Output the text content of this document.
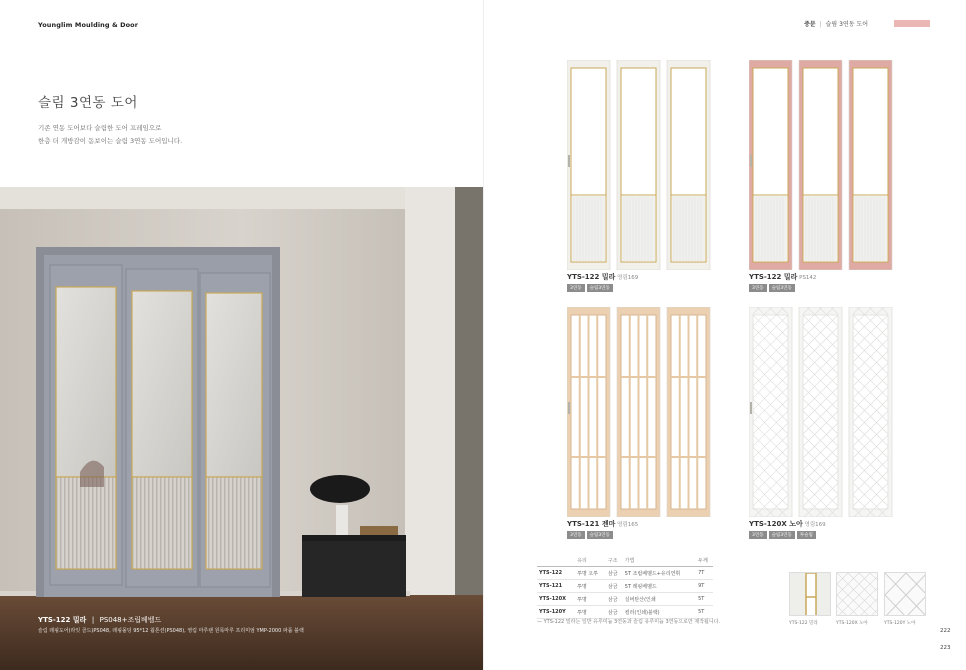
Younglim Moulding & Door
슬림 3연동 도어
기존 연동 도어보다 슬림한 도어 프레임으로
한층 더 개방감이 돋보이는 슬림 3연동 도어입니다.
YTS-122 밀라 | PS048+조립베벨드
슬림 래핑도어(라잇 골드)PS048, 래핑몰딩 95*12 웜톤션(PS048), 영림 마루랜 원목마루 프리미엄 YMP-2000 파퓸 블랙
중문 | 슬림 3연동 도어
YTS-122 밀라 영림169
3연동	슬림3연동
YTS-122 밀라 PS142
3연동	슬림3연동
YTS-121 젠마 영림165
3연동	슬림3연동
YTS-120X 노아 영림169
3연동	슬림3연동	투슬림
	유리	구조	가법	두께
YTS-122	투명 오투	삼금	5T 조립베벨드+유리연휘	7T
YTS-121	투명	삼금	5T 레핑베벨드	9T
YTS-120X	투명	삼금	실버탄산(인쇄	5T
YTS-120Y	투명	삼금	컬러(인쇄)블랙)	5T
— YTS-122 밀라는 일반 유루미늄 3연동과 슬림 유루미늄 3연동으로만 제작됩니다.	YTS-122 밀라	YTS-120X 노아	YTS-120Y 노아
222
223
